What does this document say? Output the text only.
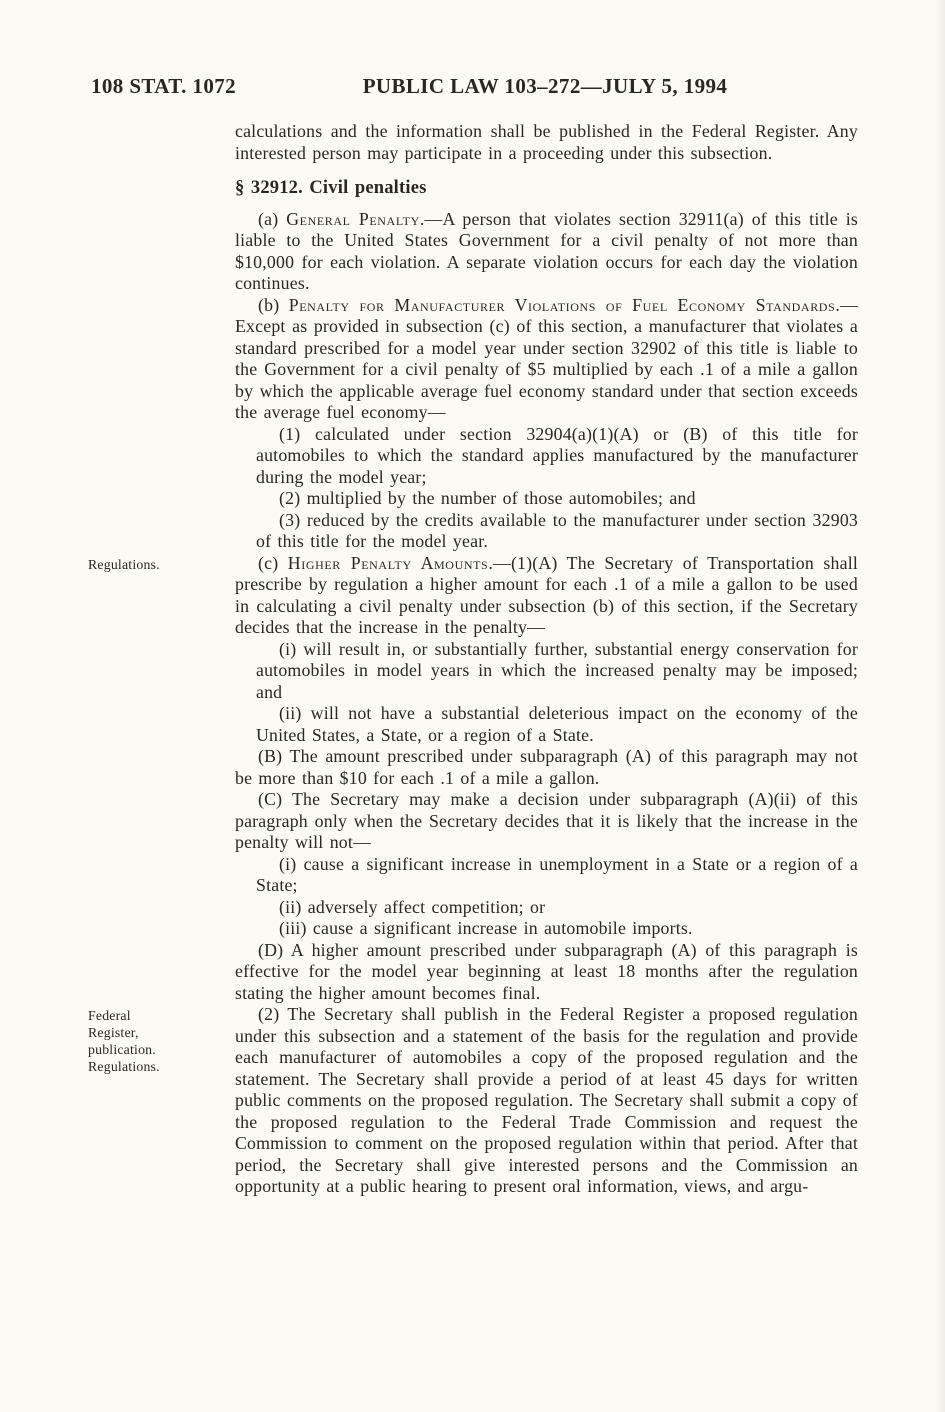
108 STAT. 1072	PUBLIC LAW 103–272—JULY 5, 1994

calculations and the information shall be published in the Federal Register. Any interested person may participate in a proceeding under this subsection.

§ 32912. Civil penalties

(a) General Penalty.—A person that violates section 32911(a) of this title is liable to the United States Government for a civil penalty of not more than $10,000 for each violation. A separate violation occurs for each day the violation continues.

(b) Penalty for Manufacturer Violations of Fuel Economy Standards.—Except as provided in subsection (c) of this section, a manufacturer that violates a standard prescribed for a model year under section 32902 of this title is liable to the Government for a civil penalty of $5 multiplied by each .1 of a mile a gallon by which the applicable average fuel economy standard under that section exceeds the average fuel economy—

(1) calculated under section 32904(a)(1)(A) or (B) of this title for automobiles to which the standard applies manufactured by the manufacturer during the model year;

(2) multiplied by the number of those automobiles; and

(3) reduced by the credits available to the manufacturer under section 32903 of this title for the model year.

Regulations.	(c) Higher Penalty Amounts.—(1)(A) The Secretary of Transportation shall prescribe by regulation a higher amount for each .1 of a mile a gallon to be used in calculating a civil penalty under subsection (b) of this section, if the Secretary decides that the increase in the penalty—

(i) will result in, or substantially further, substantial energy conservation for automobiles in model years in which the increased penalty may be imposed; and

(ii) will not have a substantial deleterious impact on the economy of the United States, a State, or a region of a State.

(B) The amount prescribed under subparagraph (A) of this paragraph may not be more than $10 for each .1 of a mile a gallon.

(C) The Secretary may make a decision under subparagraph (A)(ii) of this paragraph only when the Secretary decides that it is likely that the increase in the penalty will not—

(i) cause a significant increase in unemployment in a State or a region of a State;

(ii) adversely affect competition; or

(iii) cause a significant increase in automobile imports.

(D) A higher amount prescribed under subparagraph (A) of this paragraph is effective for the model year beginning at least 18 months after the regulation stating the higher amount becomes final.

Federal
Register,
publication.
Regulations.

(2) The Secretary shall publish in the Federal Register a proposed regulation under this subsection and a statement of the basis for the regulation and provide each manufacturer of automobiles a copy of the proposed regulation and the statement. The Secretary shall provide a period of at least 45 days for written public comments on the proposed regulation. The Secretary shall submit a copy of the proposed regulation to the Federal Trade Commission and request the Commission to comment on the proposed regulation within that period. After that period, the Secretary shall give interested persons and the Commission an opportunity at a public hearing to present oral information, views, and argu-
